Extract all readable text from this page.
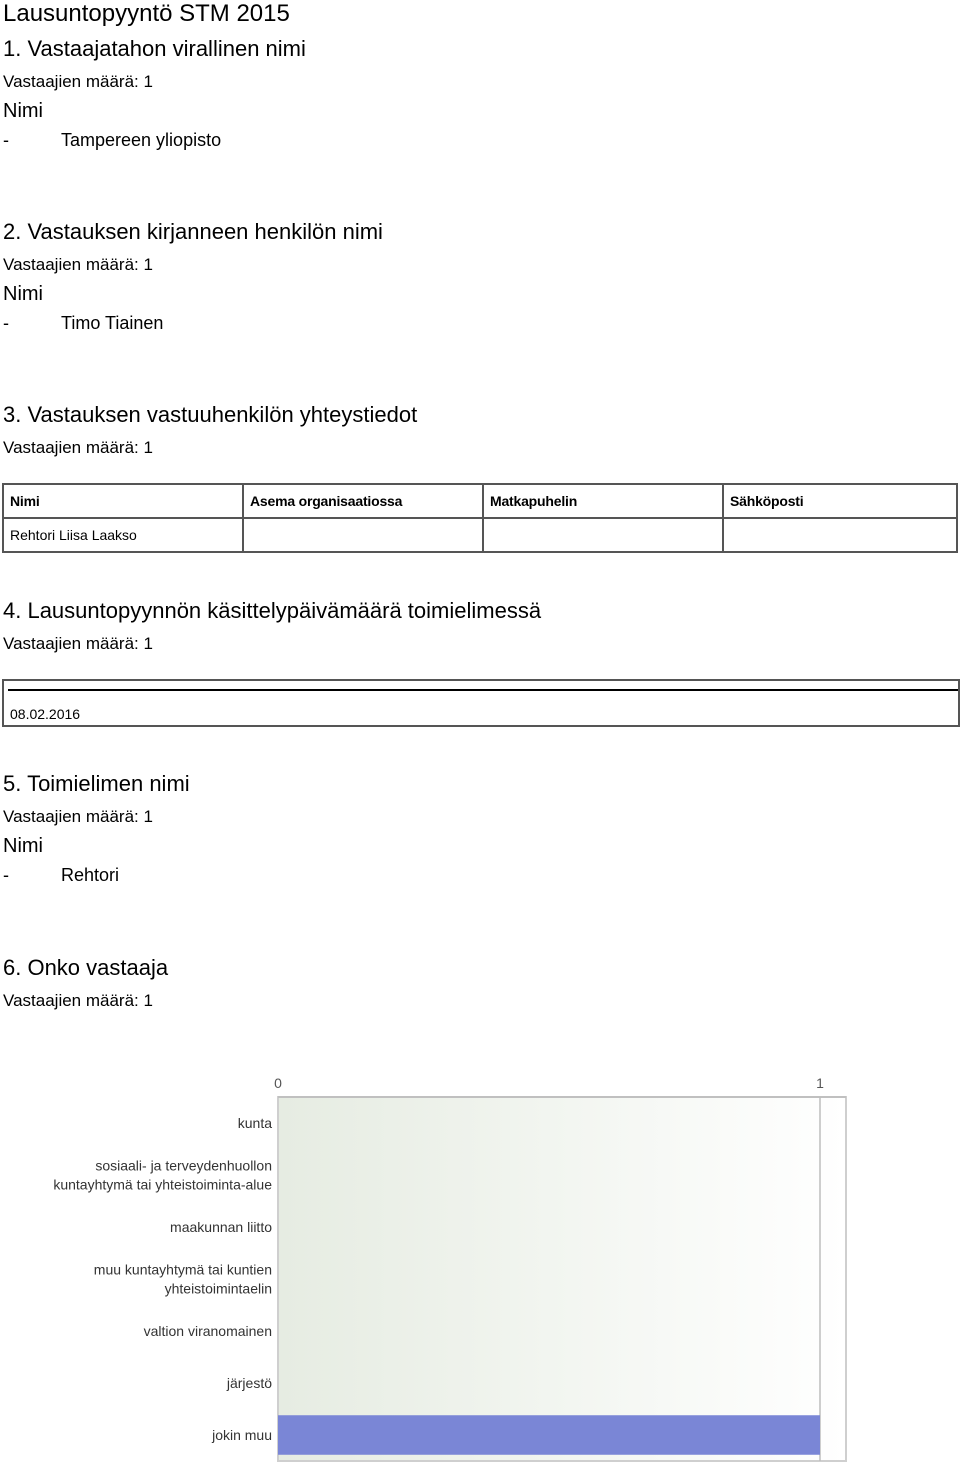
Lausuntopyyntö STM 2015
1. Vastaajatahon virallinen nimi
Vastaajien määrä: 1
Nimi
-	Tampereen yliopisto
2. Vastauksen kirjanneen henkilön nimi
Vastaajien määrä: 1
Nimi
-	Timo Tiainen
3. Vastauksen vastuuhenkilön yhteystiedot
Vastaajien määrä: 1
Nimi	Asema organisaatiossa	Matkapuhelin	Sähköposti
Rehtori Liisa Laakso			
4. Lausuntopyynnön käsittelypäivämäärä toimielimessä
Vastaajien määrä: 1
08.02.2016
5. Toimielimen nimi
Vastaajien määrä: 1
Nimi
-	Rehtori
6. Onko vastaaja
Vastaajien määrä: 1
0	1
kunta
sosiaali- ja terveydenhuollon kuntayhtymä tai yhteistoiminta-alue
maakunnan liitto
muu kuntayhtymä tai kuntien yhteistoimintaelin
valtion viranomainen
järjestö
jokin muu
